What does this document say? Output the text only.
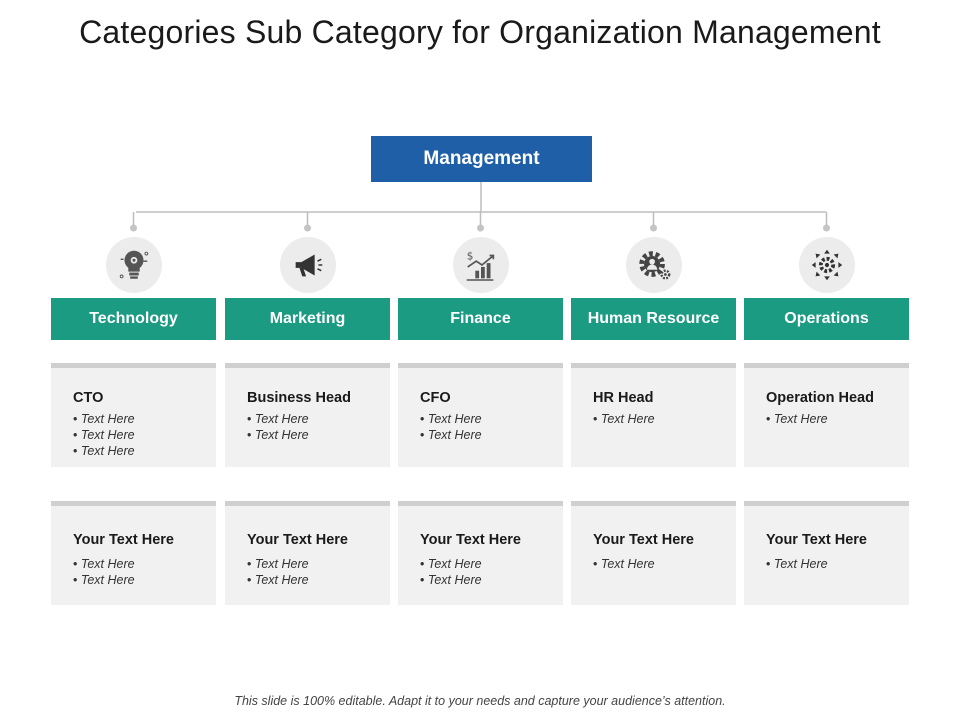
Categories Sub Category for Organization Management
Management
Technology
CTO
• Text Here
• Text Here
• Text Here
Your Text Here
• Text Here
• Text Here
Marketing
Business Head
• Text Here
• Text Here
Your Text Here
• Text Here
• Text Here
$
Finance
CFO
• Text Here
• Text Here
Your Text Here
• Text Here
• Text Here
Human Resource
HR Head
• Text Here
Your Text Here
• Text Here
Operations
Operation Head
• Text Here
Your Text Here
• Text Here
This slide is 100% editable. Adapt it to your needs and capture your audience’s attention.
